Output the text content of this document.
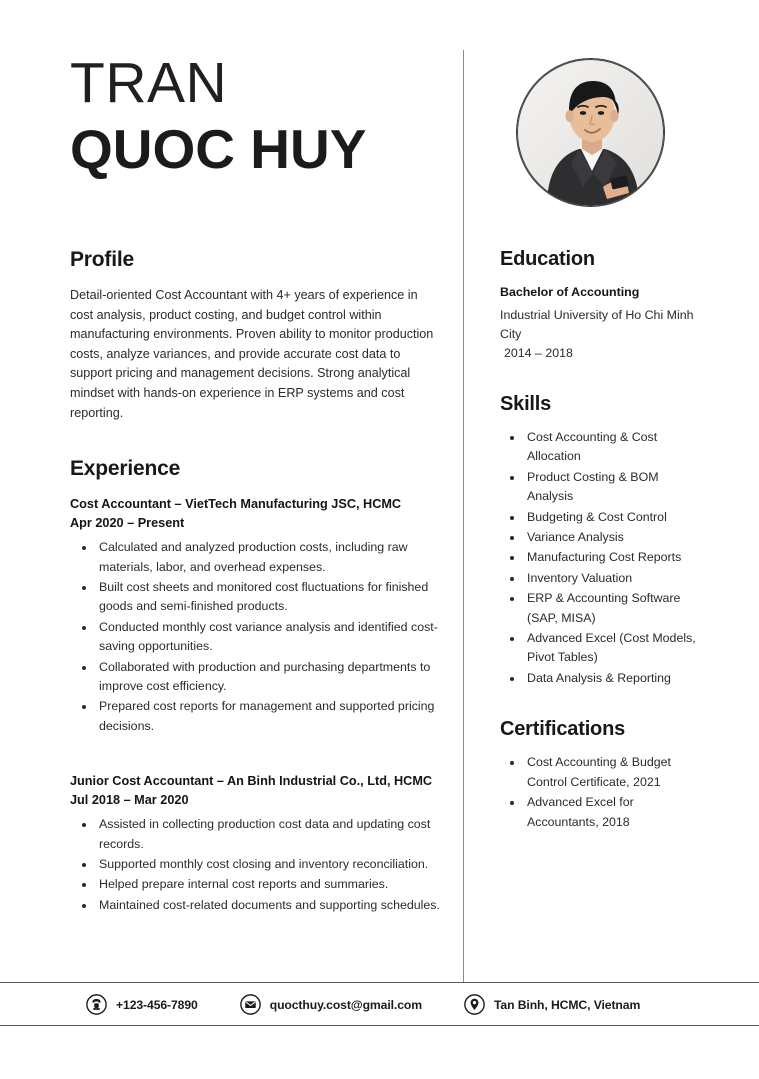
TRAN
QUOC HUY
Profile

Detail-oriented Cost Accountant with 4+ years of experience in cost analysis, product costing, and budget control within manufacturing environments. Proven ability to monitor production costs, analyze variances, and provide accurate cost data to support pricing and management decisions. Strong analytical mindset with hands-on experience in ERP systems and cost reporting.

Experience

Cost Accountant – VietTech Manufacturing JSC, HCMC

Apr 2020 – Present

• Calculated and analyzed production costs, including raw materials, labor, and overhead expenses.
• Built cost sheets and monitored cost fluctuations for finished goods and semi-finished products.
• Conducted monthly cost variance analysis and identified cost-saving opportunities.
• Collaborated with production and purchasing departments to improve cost efficiency.
• Prepared cost reports for management and supported pricing decisions.

Junior Cost Accountant – An Binh Industrial Co., Ltd, HCMC

Jul 2018 – Mar 2020

• Assisted in collecting production cost data and updating cost records.
• Supported monthly cost closing and inventory reconciliation.
• Helped prepare internal cost reports and summaries.
• Maintained cost-related documents and supporting schedules.
Education

Bachelor of Accounting

Industrial University of Ho Chi Minh City

2014 – 2018

Skills
• Cost Accounting & Cost Allocation
• Product Costing & BOM Analysis
• Budgeting & Cost Control
• Variance Analysis
• Manufacturing Cost Reports
• Inventory Valuation
• ERP & Accounting Software (SAP, MISA)
• Advanced Excel (Cost Models, Pivot Tables)
• Data Analysis & Reporting
Certifications
• Cost Accounting & Budget Control Certificate, 2021
• Advanced Excel for Accountants, 2018
+123-456-7890	quocthuy.cost@gmail.com	Tan Binh, HCMC, Vietnam
